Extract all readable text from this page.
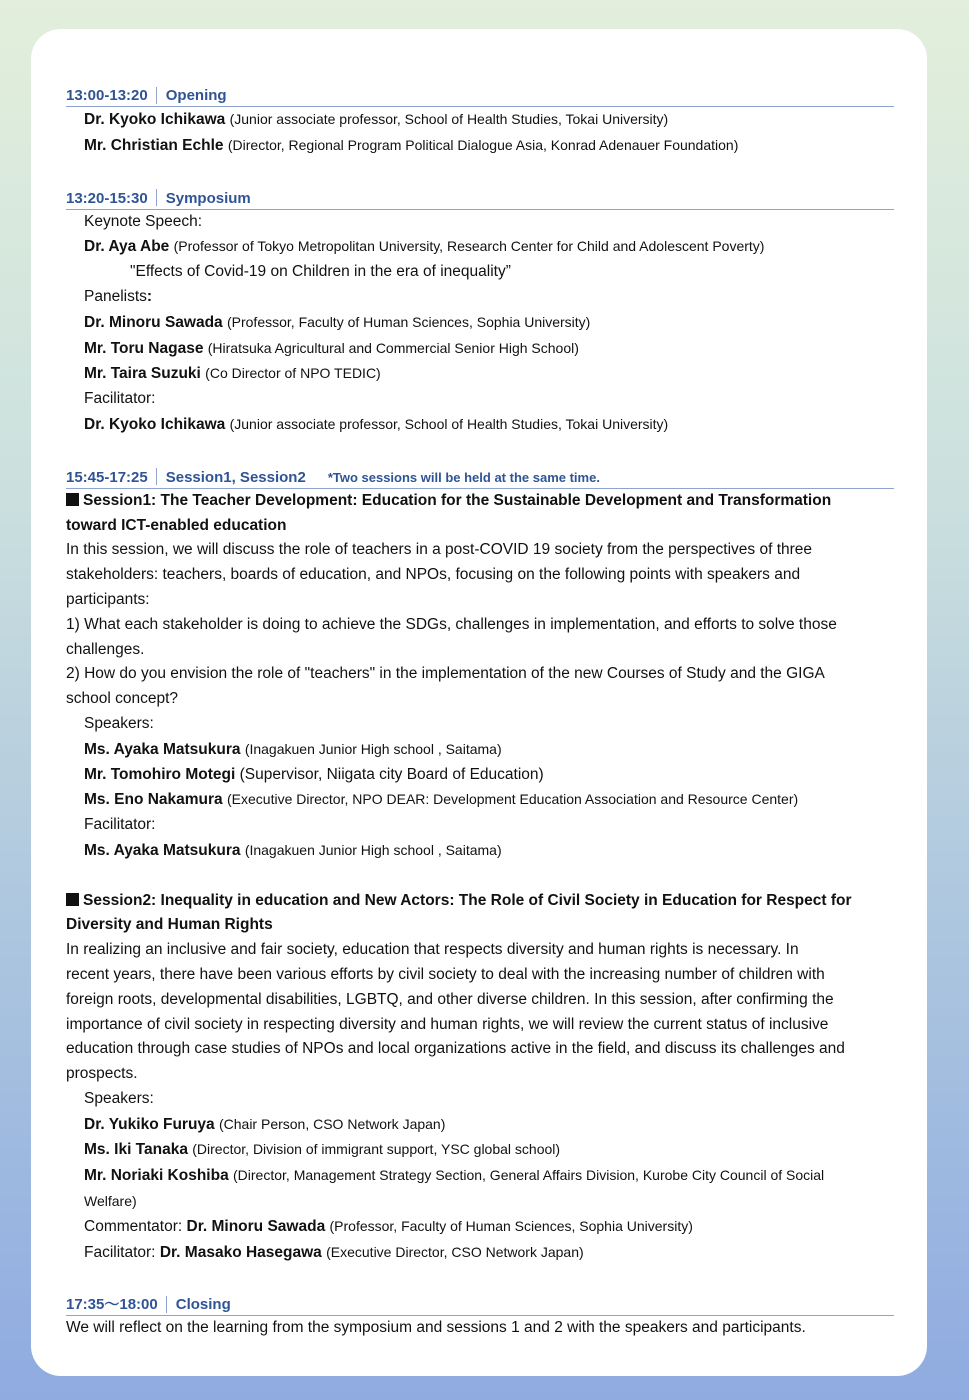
13:00-13:20	Opening
Dr. Kyoko Ichikawa (Junior associate professor, School of Health Studies, Tokai University)
Mr. Christian Echle (Director, Regional Program Political Dialogue Asia, Konrad Adenauer Foundation)
13:20-15:30	Symposium
Keynote Speech:
Dr. Aya Abe (Professor of Tokyo Metropolitan University, Research Center for Child and Adolescent Poverty)
"Effects of Covid-19 on Children in the era of inequality”
Panelists:
Dr. Minoru Sawada (Professor, Faculty of Human Sciences, Sophia University)
Mr. Toru Nagase (Hiratsuka Agricultural and Commercial Senior High School)
Mr. Taira Suzuki (Co Director of NPO TEDIC)
Facilitator:
Dr. Kyoko Ichikawa (Junior associate professor, School of Health Studies, Tokai University)
15:45-17:25	Session1, Session2 *Two sessions will be held at the same time.
Session1: The Teacher Development: Education for the Sustainable Development and Transformation
toward ICT-enabled education
In this session, we will discuss the role of teachers in a post-COVID 19 society from the perspectives of three
stakeholders: teachers, boards of education, and NPOs, focusing on the following points with speakers and
participants:
1) What each stakeholder is doing to achieve the SDGs, challenges in implementation, and efforts to solve those
challenges.
2) How do you envision the role of "teachers" in the implementation of the new Courses of Study and the GIGA
school concept?
Speakers:
Ms. Ayaka Matsukura (Inagakuen Junior High school , Saitama)
Mr. Tomohiro Motegi (Supervisor, Niigata city Board of Education)
Ms. Eno Nakamura (Executive Director, NPO DEAR: Development Education Association and Resource Center)
Facilitator:
Ms. Ayaka Matsukura (Inagakuen Junior High school , Saitama)
Session2: Inequality in education and New Actors: The Role of Civil Society in Education for Respect for
Diversity and Human Rights
In realizing an inclusive and fair society, education that respects diversity and human rights is necessary. In
recent years, there have been various efforts by civil society to deal with the increasing number of children with
foreign roots, developmental disabilities, LGBTQ, and other diverse children. In this session, after confirming the
importance of civil society in respecting diversity and human rights, we will review the current status of inclusive
education through case studies of NPOs and local organizations active in the field, and discuss its challenges and
prospects.
Speakers:
Dr. Yukiko Furuya (Chair Person, CSO Network Japan)
Ms. Iki Tanaka (Director, Division of immigrant support, YSC global school)
Mr. Noriaki Koshiba (Director, Management Strategy Section, General Affairs Division, Kurobe City Council of Social
Welfare)
Commentator: Dr. Minoru Sawada (Professor, Faculty of Human Sciences, Sophia University)
Facilitator: Dr. Masako Hasegawa (Executive Director, CSO Network Japan)
17:35～18:00	Closing
We will reflect on the learning from the symposium and sessions 1 and 2 with the speakers and participants.
